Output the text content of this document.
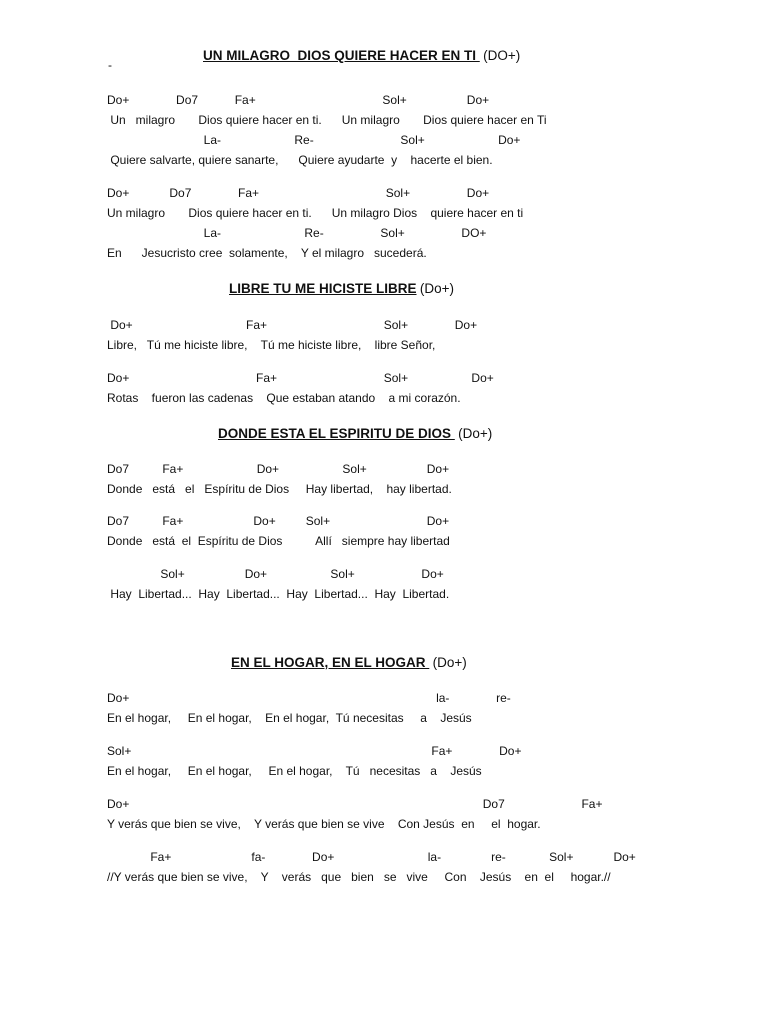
-
UN MILAGRO  DIOS QUIERE HACER EN TI  (DO+)
Do+              Do7           Fa+                                      Sol+                  Do+
Un   milagro       Dios quiere hacer en ti.      Un milagro       Dios quiere hacer en Ti
La-                      Re-                          Sol+                      Do+
Quiere salvarte, quiere sanarte,      Quiere ayudarte  y    hacerte el bien.
Do+            Do7              Fa+                                      Sol+                 Do+
Un milagro       Dios quiere hacer en ti.      Un milagro Dios    quiere hacer en ti
La-                         Re-                 Sol+                 DO+
En      Jesucristo cree  solamente,    Y el milagro   sucederá.
LIBRE TU ME HICISTE LIBRE (Do+)
Do+                                  Fa+                                   Sol+              Do+
Libre,   Tú me hiciste libre,    Tú me hiciste libre,    libre Señor,
Do+                                      Fa+                                Sol+                   Do+
Rotas    fueron las cadenas    Que estaban atando    a mi corazón.
DONDE ESTA EL ESPIRITU DE DIOS  (Do+)
Do7          Fa+                      Do+                   Sol+                  Do+
Donde   está   el   Espíritu de Dios     Hay libertad,    hay libertad.
Do7          Fa+                     Do+         Sol+                             Do+
Donde   está  el  Espíritu de Dios          Allí   siempre hay libertad
Sol+                  Do+                   Sol+                    Do+
Hay  Libertad...  Hay  Libertad...  Hay  Libertad...  Hay  Libertad.
EN EL HOGAR, EN EL HOGAR  (Do+)
Do+                                                                                            la-              re-
En el hogar,     En el hogar,    En el hogar,  Tú necesitas     a    Jesús
Sol+                                                                                          Fa+              Do+
En el hogar,     En el hogar,     En el hogar,    Tú   necesitas   a    Jesús
Do+                                                                                                          Do7                       Fa+
Y verás que bien se vive,    Y verás que bien se vive    Con Jesús  en     el  hogar.
Fa+                        fa-              Do+                            la-               re-             Sol+            Do+
//Y verás que bien se vive,    Y    verás   que   bien   se   vive     Con    Jesús    en  el     hogar.//
